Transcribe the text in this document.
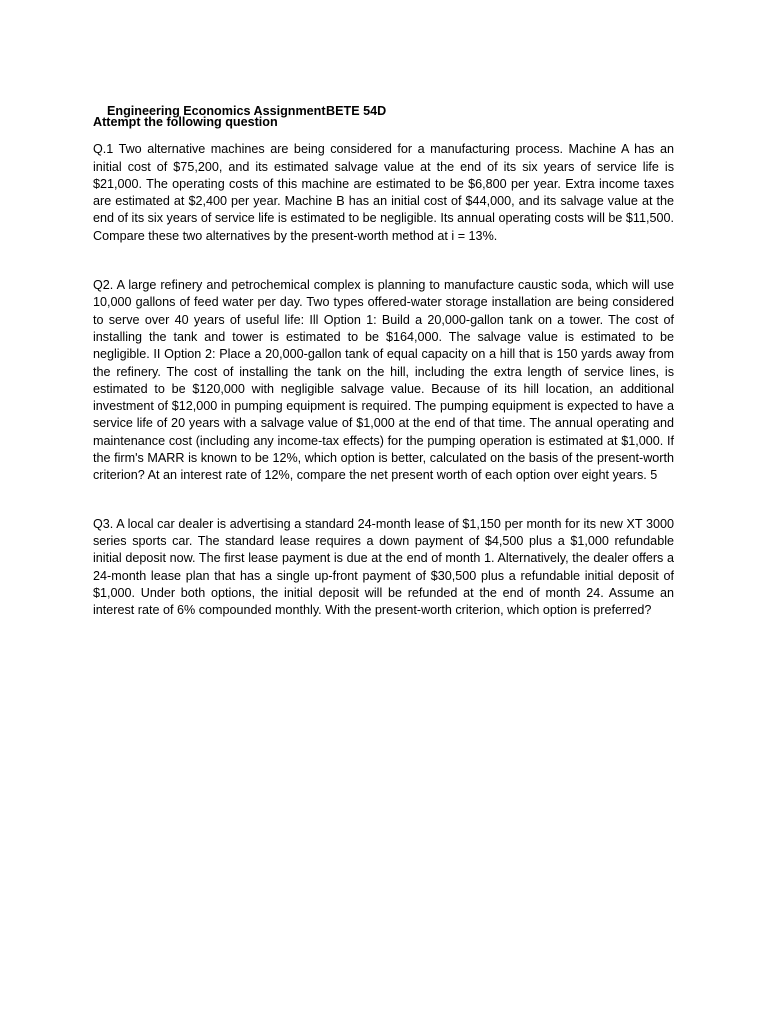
Engineering Economics Assignment BETE 54D

Attempt the following question

Q.1 Two alternative machines are being considered for a manufacturing process. Machine A has an initial cost of $75,200, and its estimated salvage value at the end of its six years of service life is $21,000. The operating costs of this machine are estimated to be $6,800 per year. Extra income taxes are estimated at $2,400 per year. Machine B has an initial cost of $44,000, and its salvage value at the end of its six years of service life is estimated to be negligible. Its annual operating costs will be $11,500. Compare these two alternatives by the present-worth method at i = 13%.

Q2. A large refinery and petrochemical complex is planning to manufacture caustic soda, which will use 10,000 gallons of feed water per day. Two types offered-water storage installation are being considered to serve over 40 years of useful life: Ill Option 1: Build a 20,000-gallon tank on a tower. The cost of installing the tank and tower is estimated to be $164,000. The salvage value is estimated to be negligible. II Option 2: Place a 20,000-gallon tank of equal capacity on a hill that is 150 yards away from the refinery. The cost of installing the tank on the hill, including the extra length of service lines, is estimated to be $120,000 with negligible salvage value. Because of its hill location, an additional investment of $12,000 in pumping equipment is required. The pumping equipment is expected to have a service life of 20 years with a salvage value of $1,000 at the end of that time. The annual operating and maintenance cost (including any income-tax effects) for the pumping operation is estimated at $1,000. If the firm's MARR is known to be 12%, which option is better, calculated on the basis of the present-worth criterion? At an interest rate of 12%, compare the net present worth of each option over eight years. 5

Q3. A local car dealer is advertising a standard 24-month lease of $1,150 per month for its new XT 3000 series sports car. The standard lease requires a down payment of $4,500 plus a $1,000 refundable initial deposit now. The first lease payment is due at the end of month 1. Alternatively, the dealer offers a 24-month lease plan that has a single up-front payment of $30,500 plus a refundable initial deposit of $1,000. Under both options, the initial deposit will be refunded at the end of month 24. Assume an interest rate of 6% compounded monthly. With the present-worth criterion, which option is preferred?
